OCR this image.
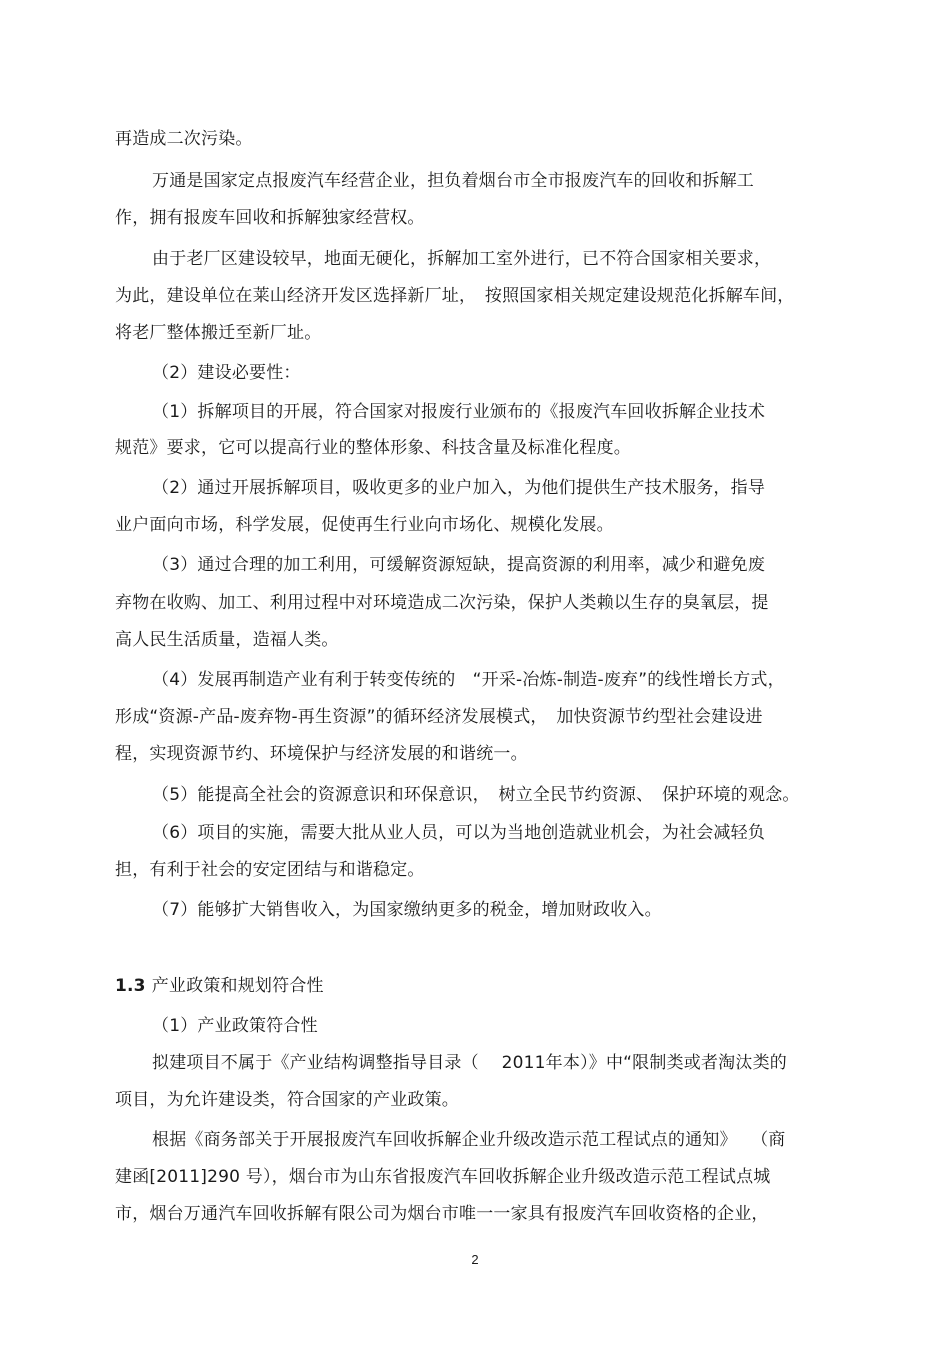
再造成二次污染。
万通是国家定点报废汽车经营企业，担负着烟台市全市报废汽车的回收和拆解工
作，拥有报废车回收和拆解独家经营权。
由于老厂区建设较早，地面无硬化，拆解加工室外进行，已不符合国家相关要求，
为此，建设单位在莱山经济开发区选择新厂址，　按照国家相关规定建设规范化拆解车间，
将老厂整体搬迁至新厂址。
（2）建设必要性：
（1）拆解项目的开展，符合国家对报废行业颁布的《报废汽车回收拆解企业技术
规范》要求，它可以提高行业的整体形象、科技含量及标准化程度。
（2）通过开展拆解项目，吸收更多的业户加入，为他们提供生产技术服务，指导
业户面向市场，科学发展，促使再生行业向市场化、规模化发展。
（3）通过合理的加工利用，可缓解资源短缺，提高资源的利用率，减少和避免废
弃物在收购、加工、利用过程中对环境造成二次污染，保护人类赖以生存的臭氧层，提
高人民生活质量，造福人类。
（4）发展再制造产业有利于转变传统的　“开采-冶炼-制造-废弃”的线性增长方式，
形成“资源-产品-废弃物-再生资源”的循环经济发展模式，　加快资源节约型社会建设进
程，实现资源节约、环境保护与经济发展的和谐统一。
（5）能提高全社会的资源意识和环保意识，　树立全民节约资源、　保护环境的观念。
（6）项目的实施，需要大批从业人员，可以为当地创造就业机会，为社会减轻负
担，有利于社会的安定团结与和谐稳定。
（7）能够扩大销售收入，为国家缴纳更多的税金，增加财政收入。
1.3 产业政策和规划符合性
（1）产业政策符合性
拟建项目不属于《产业结构调整指导目录（　 2011年本）》中“限制类或者淘汰类的
项目，为允许建设类，符合国家的产业政策。
根据《商务部关于开展报废汽车回收拆解企业升级改造示范工程试点的通知》　 （商
建函[2011]290 号），烟台市为山东省报废汽车回收拆解企业升级改造示范工程试点城
市，烟台万通汽车回收拆解有限公司为烟台市唯一一家具有报废汽车回收资格的企业，
2
